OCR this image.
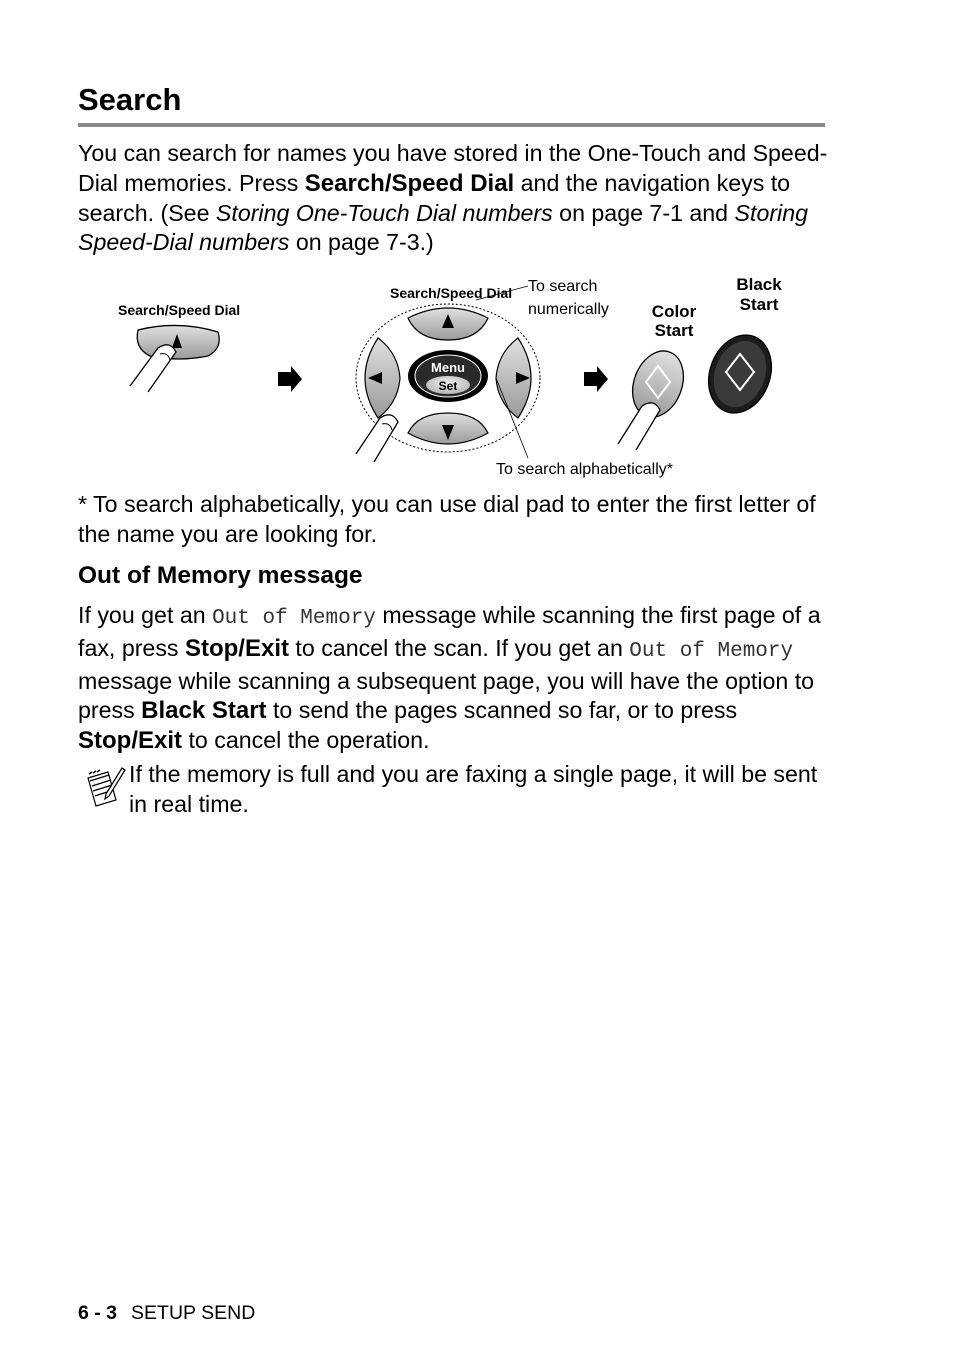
Search

You can search for names you have stored in the One-Touch and Speed-Dial memories. Press Search/Speed Dial and the navigation keys to search. (See Storing One-Touch Dial numbers on page 7-1 and Storing Speed-Dial numbers on page 7-3.)

Search/Speed Dial
Search/Speed Dial
Menu
Set
To search
numerically
To search alphabetically*
Color
Start
Black
Start

* To search alphabetically, you can use dial pad to enter the first letter of the name you are looking for.

Out of Memory message

If you get an Out of Memory message while scanning the first page of a fax, press Stop/Exit to cancel the scan. If you get an Out of Memory message while scanning a subsequent page, you will have the option to press Black Start to send the pages scanned so far, or to press Stop/Exit to cancel the operation.

If the memory is full and you are faxing a single page, it will be sent in real time.

6 - 3 SETUP SEND
